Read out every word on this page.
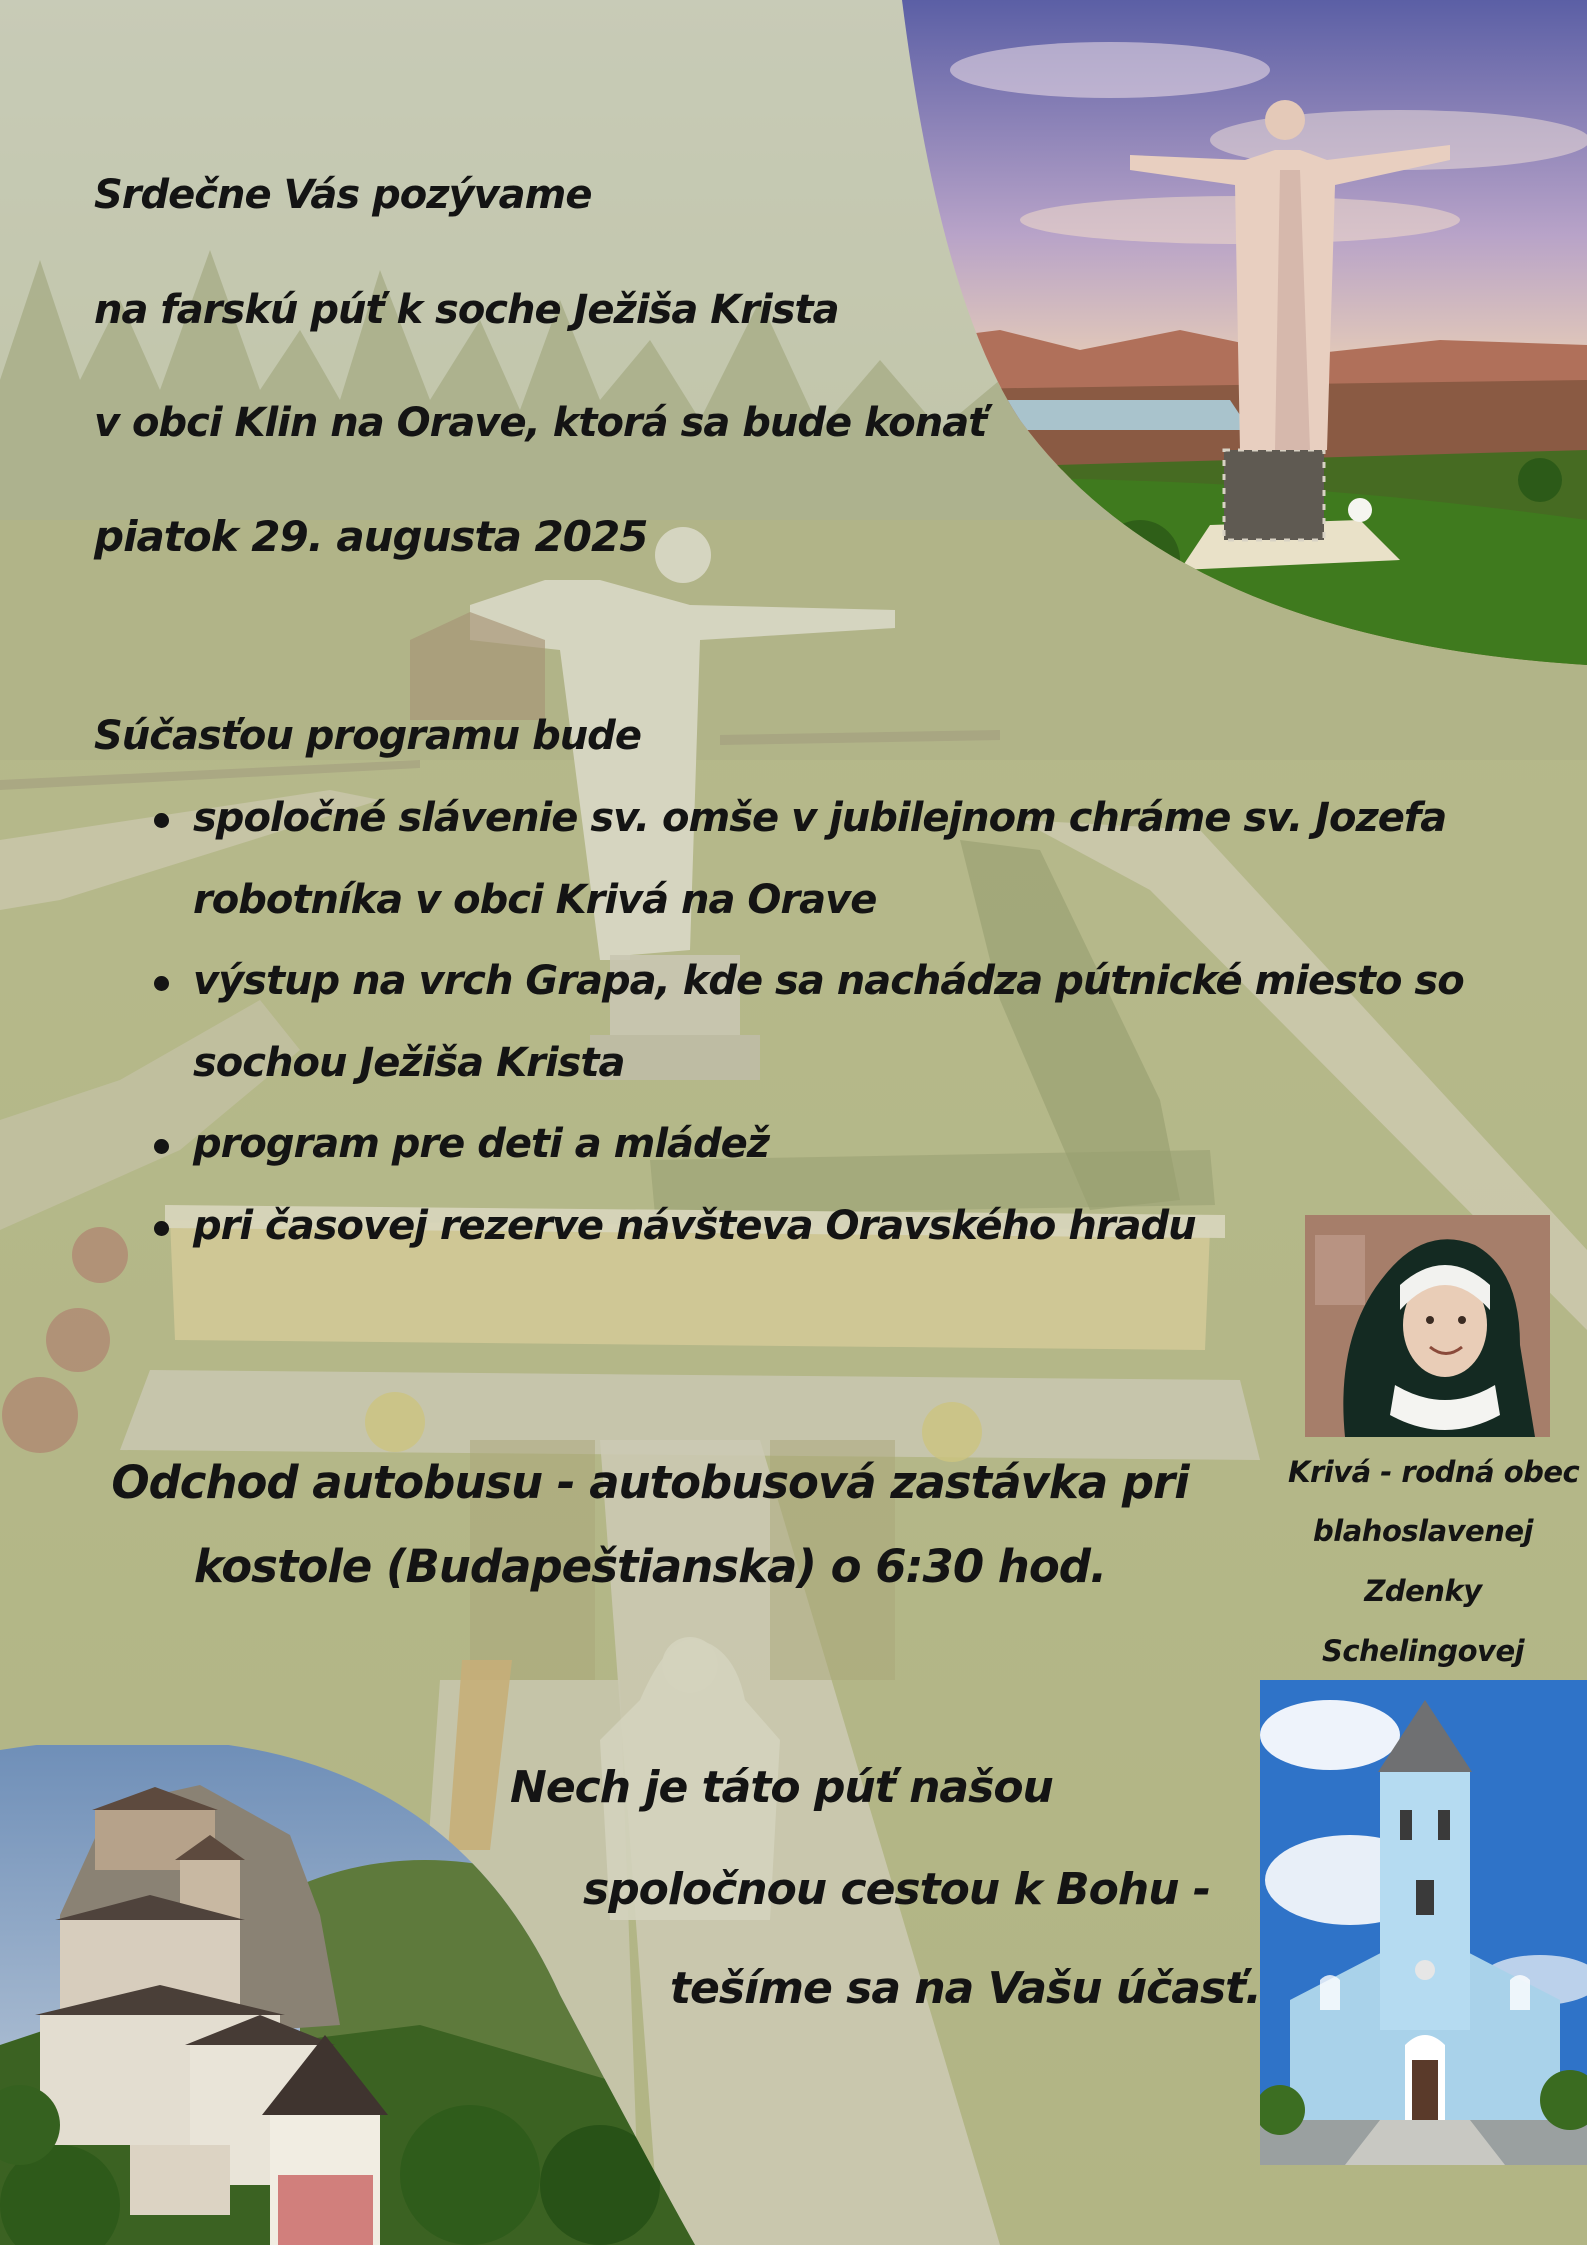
Srdečne Vás pozývame
na farskú púť k soche Ježiša Krista
v obci Klin na Orave, ktorá sa bude konať
piatok 29. augusta 2025
Súčasťou programu bude
spoločné slávenie sv. omše v jubilejnom chráme sv. Jozefa
robotníka v obci Krivá na Orave
výstup na vrch Grapa, kde sa nachádza pútnické miesto so
sochou Ježiša Krista
program pre deti a mládež
pri časovej rezerve návšteva Oravského hradu
Odchod autobusu - autobusová zastávka pri
kostole (Budapeštianska) o 6:30 hod.
Krivá - rodná obec
blahoslavenej
Zdenky
Schelingovej
Nech je táto púť našou
spoločnou cestou k Bohu -
tešíme sa na Vašu účasť.
